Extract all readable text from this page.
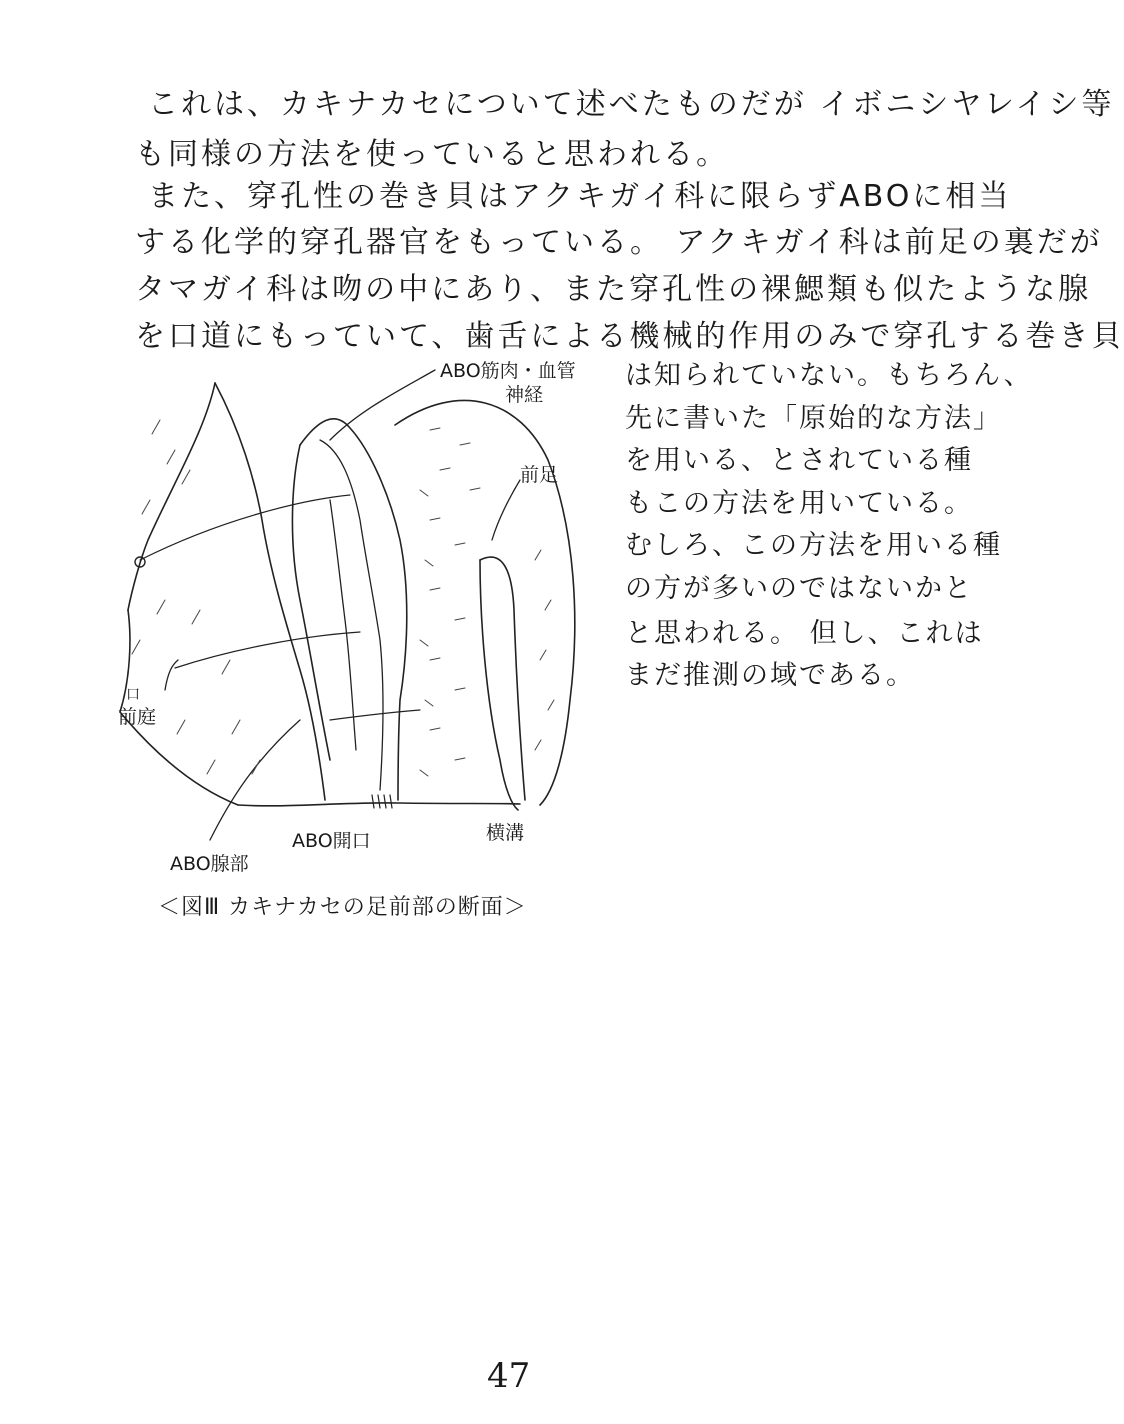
これは、カキナカセについて述べたものだが イボニシヤレイシ等
も同様の方法を使っていると思われる。
また、穿孔性の巻き貝はアクキガイ科に限らずABOに相当
する化学的穿孔器官をもっている。 アクキガイ科は前足の裏だが
タマガイ科は吻の中にあり、また穿孔性の裸鰓類も似たような腺
を口道にもっていて、歯舌による機械的作用のみで穿孔する巻き貝
は知られていない。もちろん、
先に書いた「原始的な方法」
を用いる、とされている種
もこの方法を用いている。
むしろ、この方法を用いる種
の方が多いのではないかと
と思われる。 但し、これは
まだ推測の域である。
ABO筋肉・血管
神経
前足
口
前庭
ABO開口	横溝
ABO腺部
＜図Ⅲ カキナカセの足前部の断面＞
47
